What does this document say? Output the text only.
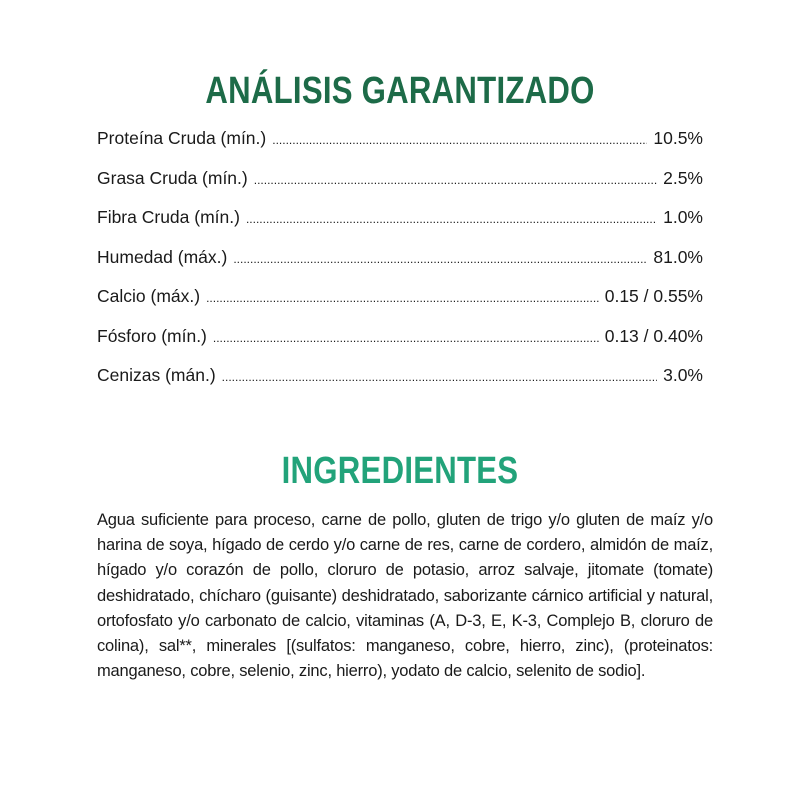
ANÁLISIS GARANTIZADO
Proteína Cruda (mín.) .....	10.5%
Grasa Cruda (mín.) .....	2.5%
Fibra Cruda (mín.) .....	1.0%
Humedad (máx.) .....	81.0%
Calcio (máx.) .....	0.15 / 0.55%
Fósforo (mín.) .....	0.13 / 0.40%
Cenizas (mán.) .....	3.0%
INGREDIENTES

Agua suficiente para proceso, carne de pollo, gluten de trigo y/o gluten de maíz y/o harina de soya, hígado de cerdo y/o carne de res, carne de cordero, almidón de maíz, hígado y/o corazón de pollo, cloruro de potasio, arroz salvaje, jitomate (tomate) deshidratado, chícharo (guisante) deshidratado, saborizante cárnico artificial y natural, ortofosfato y/o carbonato de calcio, vitaminas (A, D-3, E, K-3, Complejo B, cloruro de colina), sal**, minerales [(sulfatos: manganeso, cobre, hierro, zinc), (proteinatos: manganeso, cobre, selenio, zinc, hierro), yodato de calcio, selenito de sodio].
